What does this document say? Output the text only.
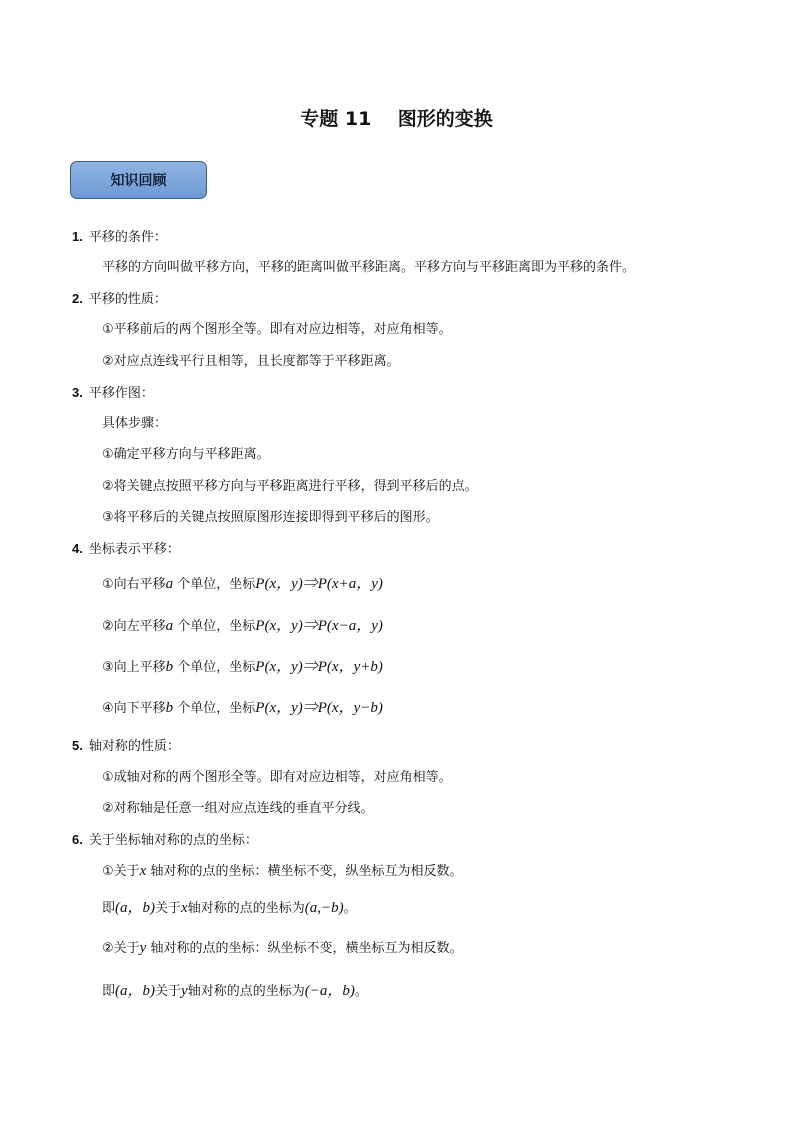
专题 11    图形的变换
知识回顾
1. 平移的条件：
平移的方向叫做平移方向，平移的距离叫做平移距离。平移方向与平移距离即为平移的条件。
2. 平移的性质：
①平移前后的两个图形全等。即有对应边相等，对应角相等。
②对应点连线平行且相等，且长度都等于平移距离。
3. 平移作图：
具体步骤：
①确定平移方向与平移距离。
②将关键点按照平移方向与平移距离进行平移，得到平移后的点。
③将平移后的关键点按照原图形连接即得到平移后的图形。
4. 坐标表示平移：
①向右平移a 个单位，坐标P(x，y)⇒P(x+a，y)
②向左平移a 个单位，坐标P(x，y)⇒P(x−a，y)
③向上平移b 个单位，坐标P(x，y)⇒P(x，y+b)
④向下平移b 个单位，坐标P(x，y)⇒P(x，y−b)
5. 轴对称的性质：
①成轴对称的两个图形全等。即有对应边相等，对应角相等。
②对称轴是任意一组对应点连线的垂直平分线。
6. 关于坐标轴对称的点的坐标：
①关于x 轴对称的点的坐标：横坐标不变，纵坐标互为相反数。
即(a，b)关于x轴对称的点的坐标为(a,−b)。
②关于y 轴对称的点的坐标：纵坐标不变，横坐标互为相反数。
即(a，b)关于y轴对称的点的坐标为(−a，b)。
